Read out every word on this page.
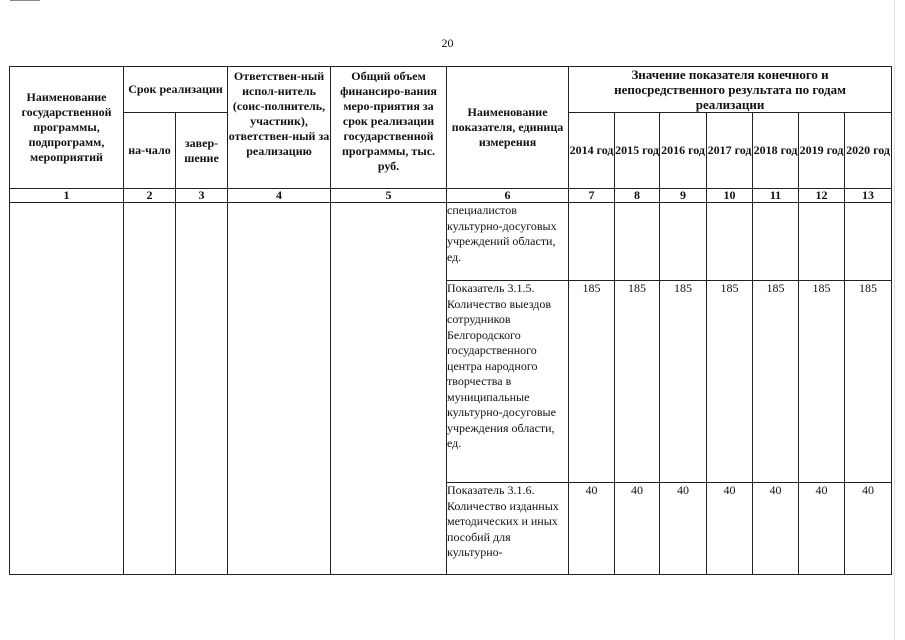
20
Наименование государственной программы, подпрограмм, мероприятий	Срок реализации		Ответствен-ный испол-нитель (соис-полнитель, участник), ответствен-ный за реализацию	Общий объем финансиро-вания меро-приятия за срок реализации государственной программы, тыс. руб.	Наименование показателя, единица измерения	Значение показателя конечного и непосредственного результата по годам реализации						
	на-чало	завер-шение				2014 год	2015 год	2016 год	2017 год	2018 год	2019 год	2020 год
1	2	3	4	5	6	7	8	9	10	11	12	13
					специалистов культурно-досуговых учреждений области, ед.							
					Показатель 3.1.5. Количество выездов сотрудников Белгородского государственного центра народного творчества в муниципальные культурно-досуговые учреждения области, ед.	185	185	185	185	185	185	185
					Показатель 3.1.6. Количество изданных методических и иных пособий для культурно-	40	40	40	40	40	40	40
